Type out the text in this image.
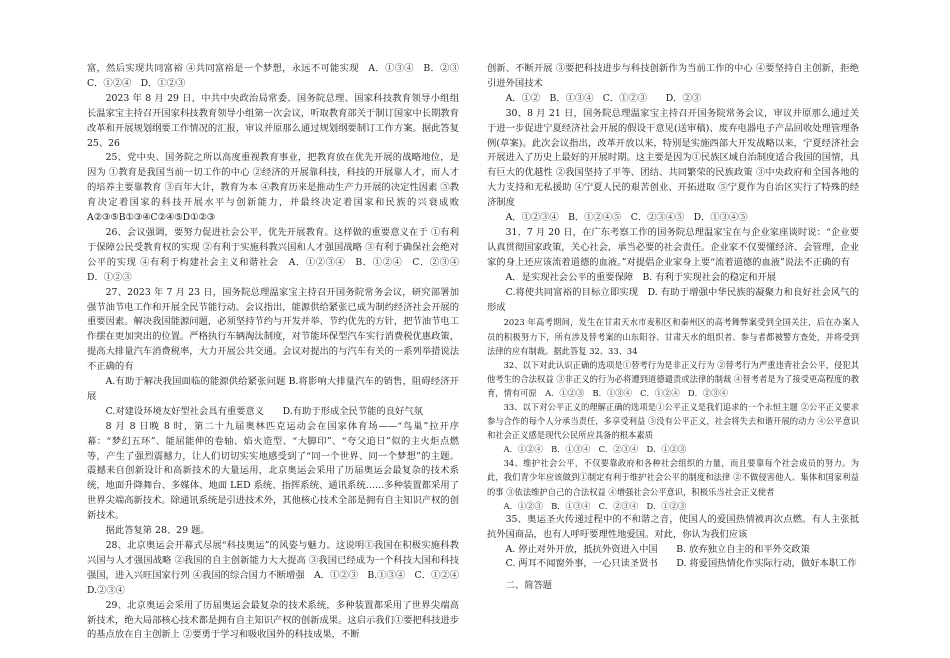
富，然后实现共同富裕 ④共同富裕是一个梦想，永远不可能实现　A．①③④　B．②③　C．①②④　D．①②③

2023 年 8 月 29 日，中共中央政治局常委、国务院总理、国家科技教育领导小组组长温家宝主持召开国家科技教育领导小组第一次会议，听取教育部关于制订国家中长期教育改革和开展规划纲要工作情况的汇报，审议并原那么通过规划纲要制订工作方案。据此答复 25、26

25、党中央、国务院之所以高度重视教育事业，把教育放在优先开展的战略地位，是因为 ①教育是我国当前一切工作的中心 ②经济的开展靠科技，科技的开展靠人才，而人才的培养主要靠教育 ③百年大计，教育为本 ④教育历来是推动生产力开展的决定性因素 ⑤教育决定着国家的科技开展水平与创新能力，并最终决定着国家和民族的兴衰成败　A②③⑤B①③④C②④⑤D①②③

26、会议强调，要努力促进社会公平，优先开展教育。这样做的重要意义在于 ①有利于保障公民受教育权的实现 ②有利于实施科教兴国和人才强国战略 ③有利于确保社会绝对公平的实现 ④有利于构建社会主义和谐社会　A．①②③④　B．①②④　C．②③④　D．①②③

27、2023 年 7 月 23 日，国务院总理温家宝主持召开国务院常务会议，研究部署加强节油节电工作和开展全民节能行动。会议指出，能源供给紧张已成为制约经济社会开展的重要因素。解决我国能源问题，必须坚持节约与开发并举、节约优先的方针，把节油节电工作摆在更加突出的位置。严格执行车辆淘汰制度，对节能环保型汽车实行消费税优惠政策，提高大排量汽车消费税率，大力开展公共交通。会议对提出的与汽车有关的一系列举措说法不正确的有

A.有助于解决我国面临的能源供给紧张问题 B.将影响大排量汽车的销售，阻碍经济开展

C.对建设环境友好型社会具有重要意义　　D.有助于形成全民节能的良好气氛

8 月 8 日晚 8 时，第二十九届奥林匹克运动会在国家体育场——“鸟巢”拉开序幕：“梦幻五环”、能屈能伸的卷轴、焰火造型、“大脚印”、“夸父追日”似的主火炬点燃等，产生了强烈震撼力，让人们切切实实地感受到了“同一个世界、同一个梦想”的主题。震撼来自创新设计和高新技术的大量运用，北京奥运会采用了历届奥运会最复杂的技术系统，地面升降舞台、多媒体、地面 LED 系统、指挥系统、通讯系统……多种装置都采用了世界尖端高新技术。除通讯系统是引进技术外，其他核心技术全部是拥有自主知识产权的创新技术。

据此答复第 28、29 题。

28、北京奥运会开幕式尽展“科技奥运”的风姿与魅力。这说明①我国在积极实施科教兴国与人才强国战略 ②我国的自主创新能力大大提高 ③我国已经成为一个科技大国和科技强国，进入兴旺国家行列 ④我国的综合国力不断增强　A．①②③　B.①③④　C．①②④　D.②③④

29、北京奥运会采用了历届奥运会最复杂的技术系统，多种装置都采用了世界尖端高新技术，绝大局部核心技术都是拥有自主知识产权的创新成果。这启示我们①要把科技进步的基点放在自主创新上 ②要勇于学习和吸收国外的科技成果，不断

创新、不断开展 ③要把科技进步与科技创新作为当前工作的中心 ④要坚持自主创新，拒绝引进外国技术

A．①②　B．①③④　C．①②③　　D．②③

30、8 月 21 日，国务院总理温家宝主持召开国务院常务会议，审议并原那么通过关于进一步促进宁夏经济社会开展的假设干意见(送审稿)、废弃电器电子产品回收处理管理条例(草案)。此次会议指出，改革开放以来，特别是实施西部大开发战略以来，宁夏经济社会开展进入了历史上最好的开展时期。这主要是因为①民族区域自治制度适合我国的国情，具有巨大的优越性 ②我国坚持了平等、团结、共同繁荣的民族政策 ③中央政府和全国各地的大力支持和无私援助 ④宁夏人民的艰苦创业、开拓进取 ⑤宁夏作为自治区实行了特殊的经济制度

A．①②③④　B．①②④⑤　C．②③④⑤　D．①③④⑤

31、7 月 20 日，在广东考察工作的国务院总理温家宝在与企业家座谈时说：“企业要认真贯彻国家政策，关心社会，承当必要的社会责任。企业家不仅要懂经济、会管理，企业家的身上还应该流着道德的血液。”对提倡企业家身上要“流着道德的血液”说法不正确的有

A．是实现社会公平的重要保障　B. 有利于实现社会的稳定和开展

C.将使共同富裕的目标立即实现　D. 有助于增强中华民族的凝聚力和良好社会风气的形成

2023 年高考期间，发生在甘肃天水市麦积区和秦州区的高考舞弊案受到全国关注，后在办案人员的积极努力下，所有涉及替考案的山东阳谷、甘肃天水的组织者、参与者都被警方查处，并将受到法律的应有制裁。据此答复 32、33、34

32、以下对此认识正确的选项是①替考行为是非正义行为 ②替考行为严重违背社会公平，侵犯其他考生的合法权益 ③非正义的行为必将遭到道德谴责或法律的制裁 ④替考者是为了接受更高程度的教育，情有可原　A．①②③　B．①③④　C．①②④　D．②③④

33、以下对公平正义的理解正确的选项是①公平正义是我们追求的一个永恒主题 ②公平正义要求参与合作的每个人分承当责任，多享受利益 ③没有公平正义，社会将失去和谐开展的动力 ④公平意识和社会正义感是现代公民所应具备的根本素质

A．①②④　B．①③④　C．②③④　D．①②③

34、维护社会公平，不仅要靠政府和各种社会组织的力量，而且要靠每个社会成员的努力。为此，我们青少年应该做到①制定有利于维护社会公平的制度和法律 ②不做侵害他人、集体和国家利益的事 ③依法维护自己的合法权益 ④增强社会公平意识，积极乐当社会正义使者

A．①②③　B．①③④　C．②③④　D．①②③

35、奥运圣火传递过程中的不和谐之音，使国人的爱国热情被再次点燃。有人主张抵抗外国商品，也有人呼吁要理性地爱国。对此，你认为我们应该

A. 停止对外开放，抵抗外资进入中国　　B. 放弃独立自主的和平外交政策

C. 两耳不闻窗外事，一心只读圣贤书　　D. 将爱国热情化作实际行动，做好本职工作

二、简答题
